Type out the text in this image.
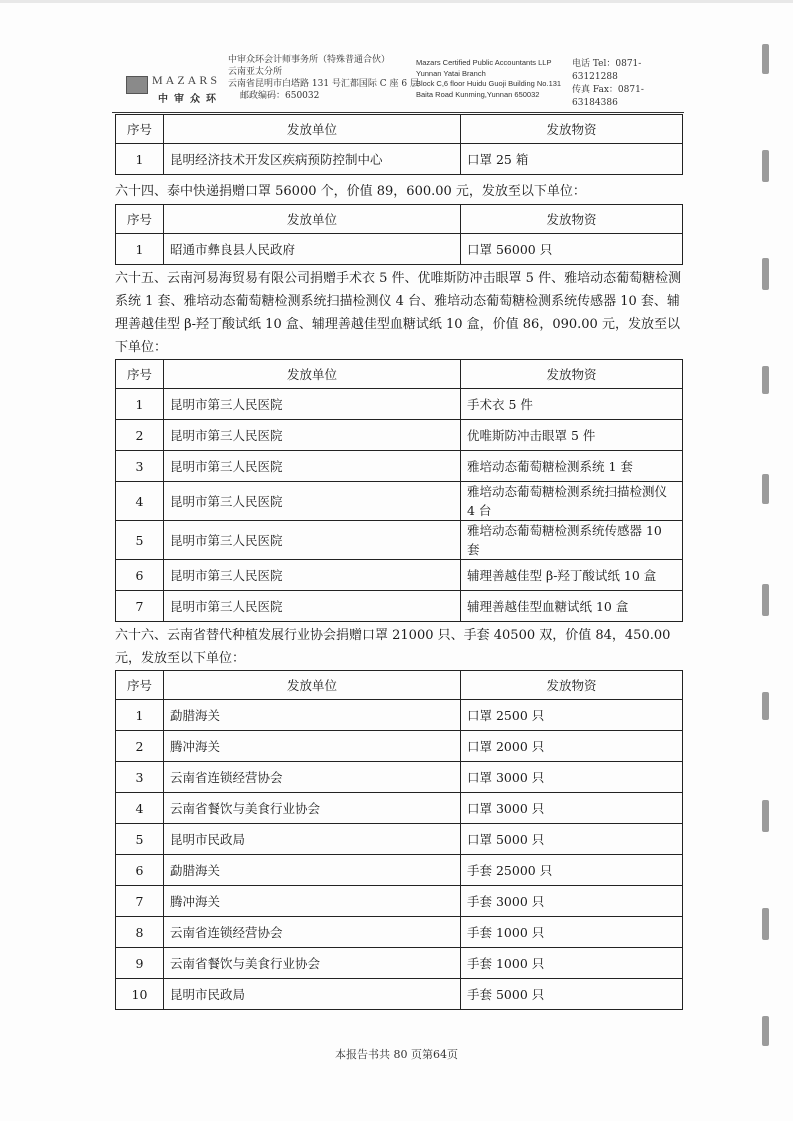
MAZARS
中审众环
中审众环会计师事务所（特殊普通合伙）
云南亚太分所
云南省昆明市白塔路 131 号汇都国际 C 座 6 层
邮政编码：650032
Mazars Certified Public Accountants LLP
Yunnan Yatai Branch
Block C,6 floor Huidu Guoji Building No.131
Baita Road Kunming,Yunnan 650032
电话 Tel：0871-63121288
传真 Fax：0871-63184386
序号	发放单位	发放物资
1	昆明经济技术开发区疾病预防控制中心	口罩 25 箱

六十四、泰中快递捐赠口罩 56000 个，价值 89，600.00 元，发放至以下单位：

序号	发放单位	发放物资
1	昭通市彝良县人民政府	口罩 56000 只

六十五、云南河易海贸易有限公司捐赠手术衣 5 件、优唯斯防冲击眼罩 5 件、雅培动态葡萄糖检测系统 1 套、雅培动态葡萄糖检测系统扫描检测仪 4 台、雅培动态葡萄糖检测系统传感器 10 套、辅理善越佳型 β-羟丁酸试纸 10 盒、辅理善越佳型血糖试纸 10 盒，价值 86，090.00 元，发放至以下单位：

序号	发放单位	发放物资
1	昆明市第三人民医院	手术衣 5 件
2	昆明市第三人民医院	优唯斯防冲击眼罩 5 件
3	昆明市第三人民医院	雅培动态葡萄糖检测系统 1 套
4	昆明市第三人民医院	雅培动态葡萄糖检测系统扫描检测仪 4 台
5	昆明市第三人民医院	雅培动态葡萄糖检测系统传感器 10 套
6	昆明市第三人民医院	辅理善越佳型 β-羟丁酸试纸 10 盒
7	昆明市第三人民医院	辅理善越佳型血糖试纸 10 盒

六十六、云南省替代种植发展行业协会捐赠口罩 21000 只、手套 40500 双，价值 84，450.00 元，发放至以下单位：

序号	发放单位	发放物资
1	勐腊海关	口罩 2500 只
2	腾冲海关	口罩 2000 只
3	云南省连锁经营协会	口罩 3000 只
4	云南省餐饮与美食行业协会	口罩 3000 只
5	昆明市民政局	口罩 5000 只
6	勐腊海关	手套 25000 只
7	腾冲海关	手套 3000 只
8	云南省连锁经营协会	手套 1000 只
9	云南省餐饮与美食行业协会	手套 1000 只
10	昆明市民政局	手套 5000 只
本报告书共 80 页第64页
